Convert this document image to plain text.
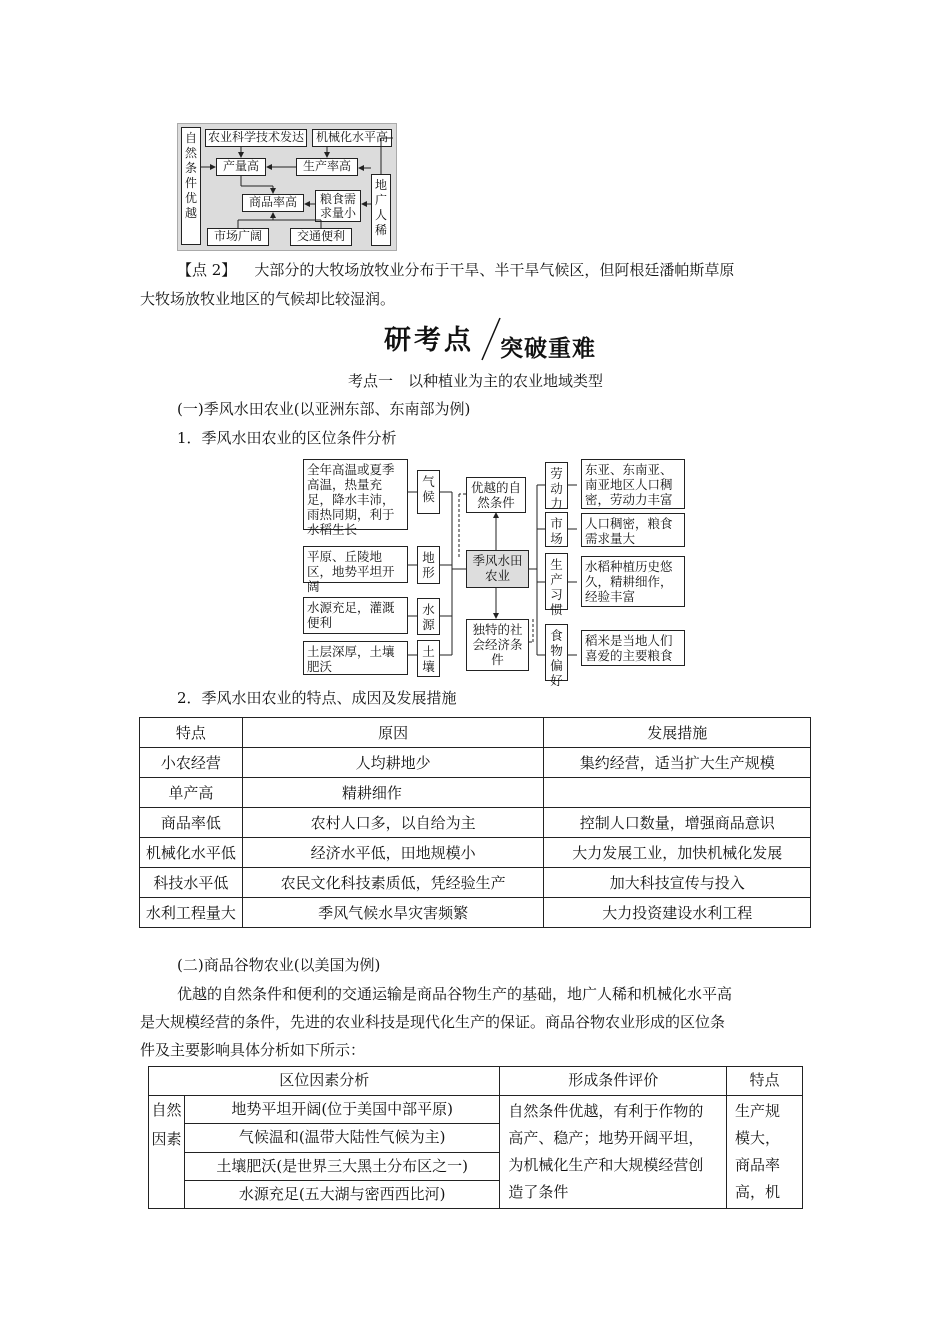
自然条件优越
农业科学技术发达 机械化水平高
产量高	生产率高
商品率高	粮食需求量小
地广人稀
市场广阔	交通便利
【点 2】 大部分的大牧场放牧业分布于干旱、半干旱气候区，但阿根廷潘帕斯草原
大牧场放牧业地区的气候却比较湿润。
研考点 突破重难
考点一　以种植业为主的农业地域类型
(一)季风水田农业(以亚洲东部、东南部为例)
1．季风水田农业的区位条件分析
全年高温或夏季高温，热量充足，降水丰沛，雨热同期，利于水稻生长
气候
平原、丘陵地区，地势平坦开阔
地形
水源充足，灌溉便利
水源
土层深厚，土壤肥沃
土壤
优越的自然条件
季风水田农业
独特的社会经济条件
劳动力
东亚、东南亚、南亚地区人口稠密，劳动力丰富
市场
人口稠密，粮食需求量大
生产习惯
水稻种植历史悠久，精耕细作，经验丰富
食物偏好
稻米是当地人们喜爱的主要粮食
2．季风水田农业的特点、成因及发展措施
特点	原因	发展措施
小农经营	人均耕地少	集约经营，适当扩大生产规模
单产高	精耕细作	
商品率低	农村人口多，以自给为主	控制人口数量，增强商品意识
机械化水平低	经济水平低，田地规模小	大力发展工业，加快机械化发展
科技水平低	农民文化科技素质低，凭经验生产	加大科技宣传与投入
水利工程量大	季风气候水旱灾害频繁	大力投资建设水利工程
(二)商品谷物农业(以美国为例)
优越的自然条件和便利的交通运输是商品谷物生产的基础，地广人稀和机械化水平高
是大规模经营的条件，先进的农业科技是现代化生产的保证。商品谷物农业形成的区位条
件及主要影响具体分析如下所示：
区位因素分析		形成条件评价	特点
自然因素	地势平坦开阔(位于美国中部平原)	自然条件优越，有利于作物的高产、稳产；地势开阔平坦，为机械化生产和大规模经营创造了条件	生产规模大，商品率高，机
	气候温和(温带大陆性气候为主)		
	土壤肥沃(是世界三大黑土分布区之一)		
	水源充足(五大湖与密西西比河)		
